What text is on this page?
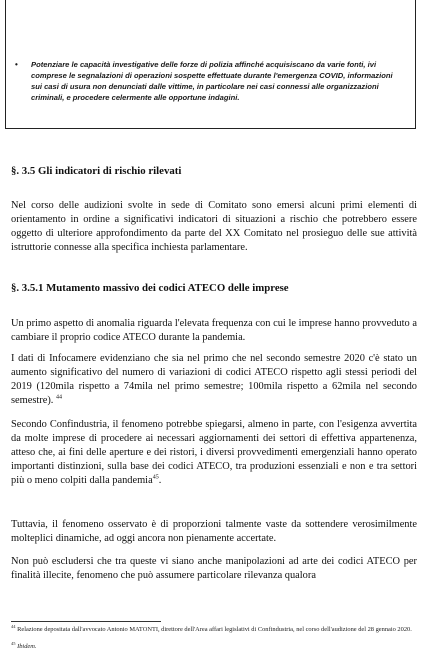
• Potenziare le capacità investigative delle forze di polizia affinché acquisiscano da varie fonti, ivi comprese le segnalazioni di operazioni sospette effettuate durante l'emergenza COVID, informazioni sui casi di usura non denunciati dalle vittime, in particolare nei casi connessi alle organizzazioni criminali, e procedere celermente alle opportune indagini.
§. 3.5 Gli indicatori di rischio rilevati
Nel corso delle audizioni svolte in sede di Comitato sono emersi alcuni primi elementi di orientamento in ordine a significativi indicatori di situazioni a rischio che potrebbero essere oggetto di ulteriore approfondimento da parte del XX Comitato nel prosieguo delle sue attività istruttorie connesse alla specifica inchiesta parlamentare.
§. 3.5.1 Mutamento massivo dei codici ATECO delle imprese
Un primo aspetto di anomalia riguarda l'elevata frequenza con cui le imprese hanno provveduto a cambiare il proprio codice ATECO durante la pandemia.
I dati di Infocamere evidenziano che sia nel primo che nel secondo semestre 2020 c'è stato un aumento significativo del numero di variazioni di codici ATECO rispetto agli stessi periodi del 2019 (120mila rispetto a 74mila nel primo semestre; 100mila rispetto a 62mila nel secondo semestre). $^{44}$
Secondo Confindustria, il fenomeno potrebbe spiegarsi, almeno in parte, con l'esigenza avvertita da molte imprese di procedere ai necessari aggiornamenti dei settori di effettiva appartenenza, atteso che, ai fini delle aperture e dei ristori, i diversi provvedimenti emergenziali hanno operato importanti distinzioni, sulla base dei codici ATECO, tra produzioni essenziali e non e tra settori più o meno colpiti dalla pandemia$^{45}$.
Tuttavia, il fenomeno osservato è di proporzioni talmente vaste da sottendere verosimilmente molteplici dinamiche, ad oggi ancora non pienamente accertate.
Non può escludersi che tra queste vi siano anche manipolazioni ad arte dei codici ATECO per finalità illecite, fenomeno che può assumere particolare rilevanza qualora
$^{44}$ Relazione depositata dall'avvocato Antonio MATONTI, direttore dell'Area affari legislativi di Confindustria, nel corso dell'audizione del 28 gennaio 2020.
$^{45}$ Ibidem.
